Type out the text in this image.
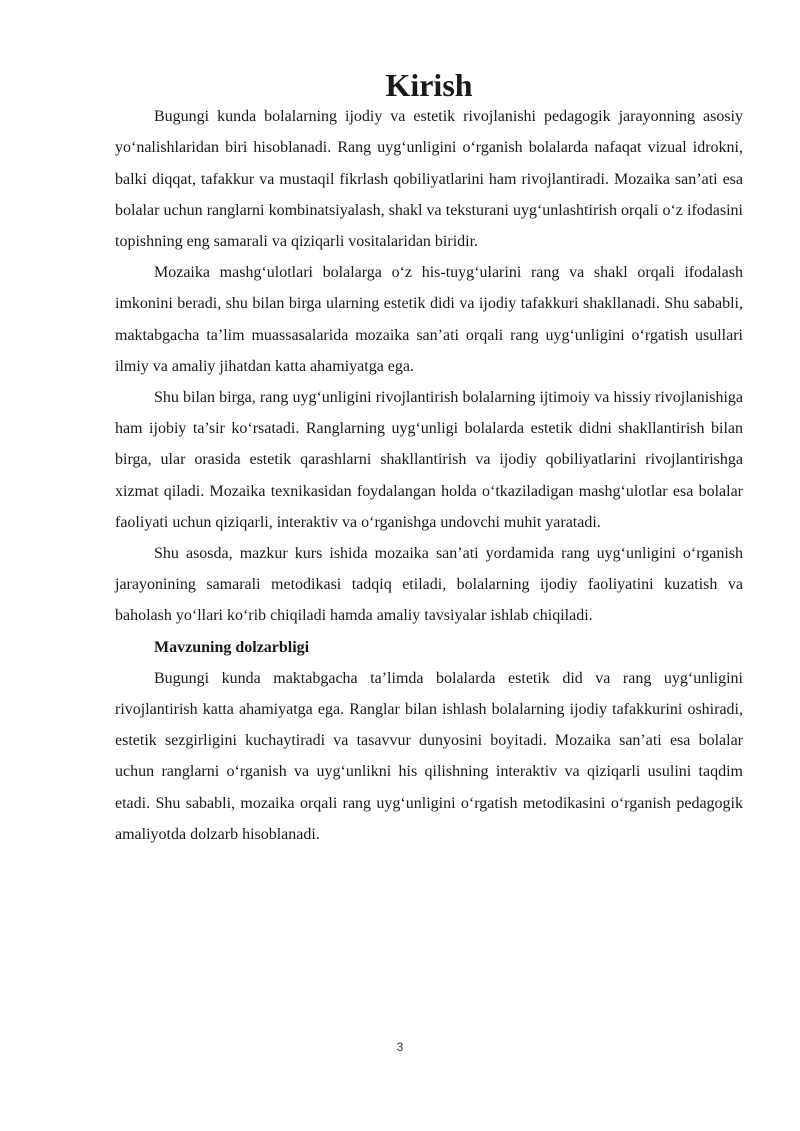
Kirish

Bugungi kunda bolalarning ijodiy va estetik rivojlanishi pedagogik jarayonning asosiy yoʻnalishlaridan biri hisoblanadi. Rang uygʻunligini oʻrganish bolalarda nafaqat vizual idrokni, balki diqqat, tafakkur va mustaqil fikrlash qobiliyatlarini ham rivojlantiradi. Mozaika san’ati esa bolalar uchun ranglarni kombinatsiyalash, shakl va teksturani uygʻunlashtirish orqali oʻz ifodasini topishning eng samarali va qiziqarli vositalaridan biridir.

Mozaika mashgʻulotlari bolalarga oʻz his-tuygʻularini rang va shakl orqali ifodalash imkonini beradi, shu bilan birga ularning estetik didi va ijodiy tafakkuri shakllanadi. Shu sababli, maktabgacha ta’lim muassasalarida mozaika san’ati orqali rang uygʻunligini oʻrgatish usullari ilmiy va amaliy jihatdan katta ahamiyatga ega.

Shu bilan birga, rang uygʻunligini rivojlantirish bolalarning ijtimoiy va hissiy rivojlanishiga ham ijobiy ta’sir koʻrsatadi. Ranglarning uygʻunligi bolalarda estetik didni shakllantirish bilan birga, ular orasida estetik qarashlarni shakllantirish va ijodiy qobiliyatlarini rivojlantirishga xizmat qiladi. Mozaika texnikasidan foydalangan holda oʻtkaziladigan mashgʻulotlar esa bolalar faoliyati uchun qiziqarli, interaktiv va oʻrganishga undovchi muhit yaratadi.

Shu asosda, mazkur kurs ishida mozaika san’ati yordamida rang uygʻunligini oʻrganish jarayonining samarali metodikasi tadqiq etiladi, bolalarning ijodiy faoliyatini kuzatish va baholash yoʻllari koʻrib chiqiladi hamda amaliy tavsiyalar ishlab chiqiladi.

Mavzuning dolzarbligi

Bugungi kunda maktabgacha ta’limda bolalarda estetik did va rang uygʻunligini rivojlantirish katta ahamiyatga ega. Ranglar bilan ishlash bolalarning ijodiy tafakkurini oshiradi, estetik sezgirligini kuchaytiradi va tasavvur dunyosini boyitadi. Mozaika san’ati esa bolalar uchun ranglarni oʻrganish va uygʻunlikni his qilishning interaktiv va qiziqarli usulini taqdim etadi. Shu sababli, mozaika orqali rang uygʻunligini oʻrgatish metodikasini oʻrganish pedagogik amaliyotda dolzarb hisoblanadi.

3
